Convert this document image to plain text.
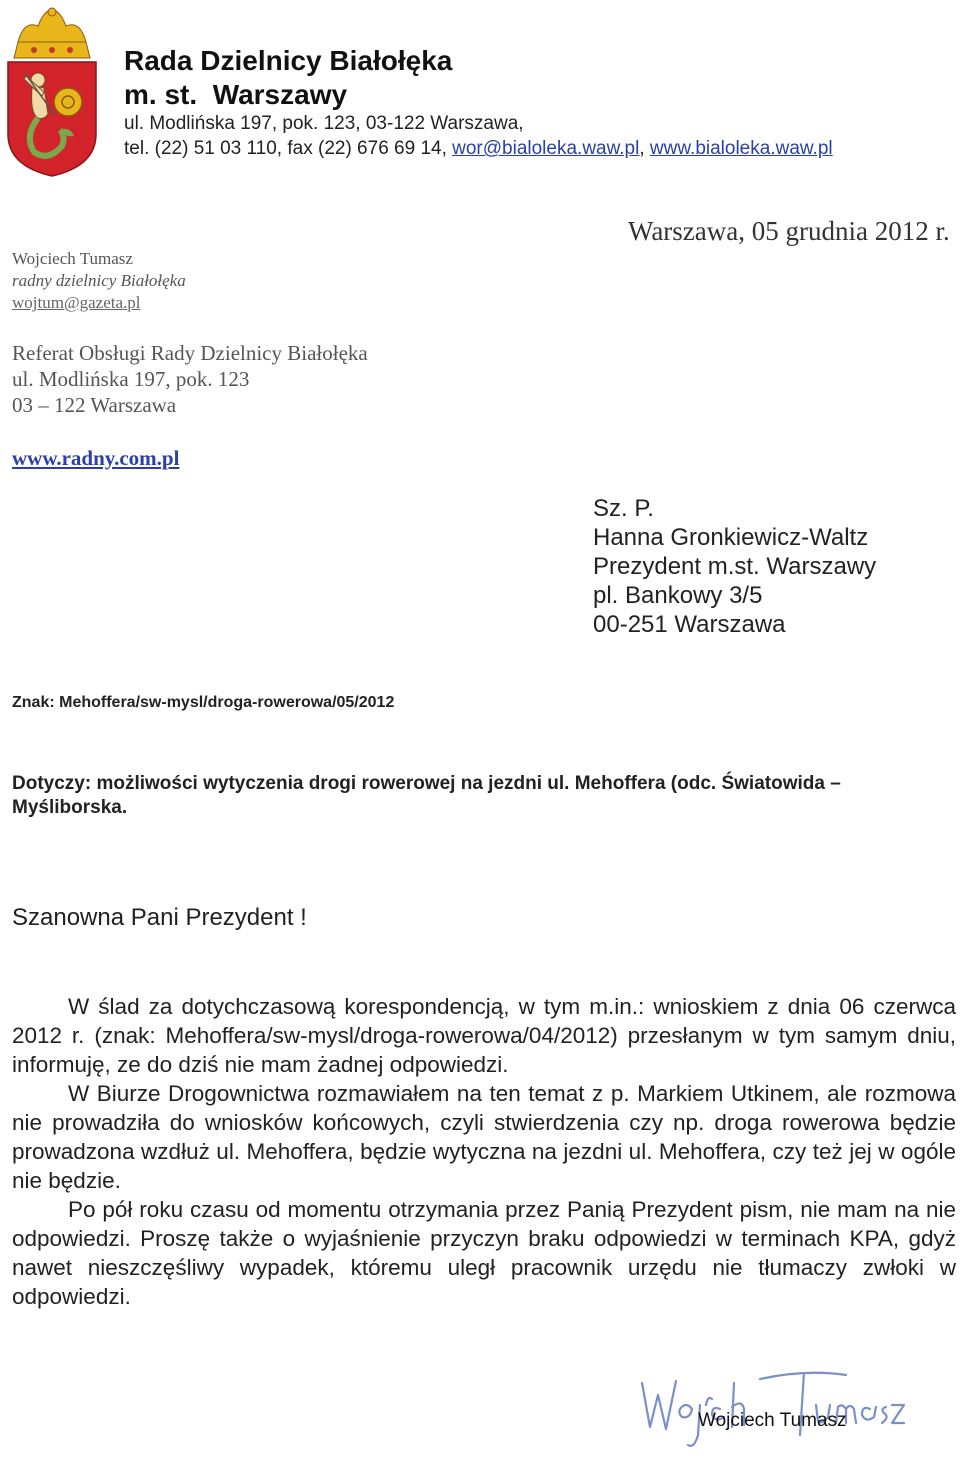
Rada Dzielnicy Białołęka
m. st.  Warszawy
ul. Modlińska 197, pok. 123, 03-122 Warszawa,
tel. (22) 51 03 110, fax (22) 676 69 14, wor@bialoleka.waw.pl, www.bialoleka.waw.pl
Wojciech Tumasz
radny dzielnicy Białołęka
wojtum@gazeta.pl
Warszawa, 05 grudnia 2012 r.
Referat Obsługi Rady Dzielnicy Białołęka
ul. Modlińska 197, pok. 123
03 – 122 Warszawa
www.radny.com.pl
Sz. P.
Hanna Gronkiewicz-Waltz
Prezydent m.st. Warszawy
pl. Bankowy 3/5
00-251 Warszawa
Znak: Mehoffera/sw-mysl/droga-rowerowa/05/2012
Dotyczy: możliwości wytyczenia drogi rowerowej na jezdni ul. Mehoffera (odc. Światowida – Myśliborska.
Szanowna Pani Prezydent !

W ślad za dotychczasową korespondencją, w tym m.in.: wnioskiem z dnia 06 czerwca 2012 r. (znak: Mehoffera/sw-mysl/droga-rowerowa/04/2012) przesłanym w tym samym dniu, informuję, ze do dziś nie mam żadnej odpowiedzi.

W Biurze Drogownictwa rozmawiałem na ten temat z p. Markiem Utkinem, ale rozmowa nie prowadziła do wniosków końcowych, czyli stwierdzenia czy np. droga rowerowa będzie prowadzona wzdłuż ul. Mehoffera, będzie wytyczna na jezdni ul. Mehoffera, czy też jej w ogóle nie będzie.

Po pół roku czasu od momentu otrzymania przez Panią Prezydent pism, nie mam na nie odpowiedzi. Proszę także o wyjaśnienie przyczyn braku odpowiedzi w terminach KPA, gdyż nawet nieszczęśliwy wypadek, któremu uległ pracownik urzędu nie tłumaczy zwłoki w odpowiedzi.

Wojciech Tumasz
